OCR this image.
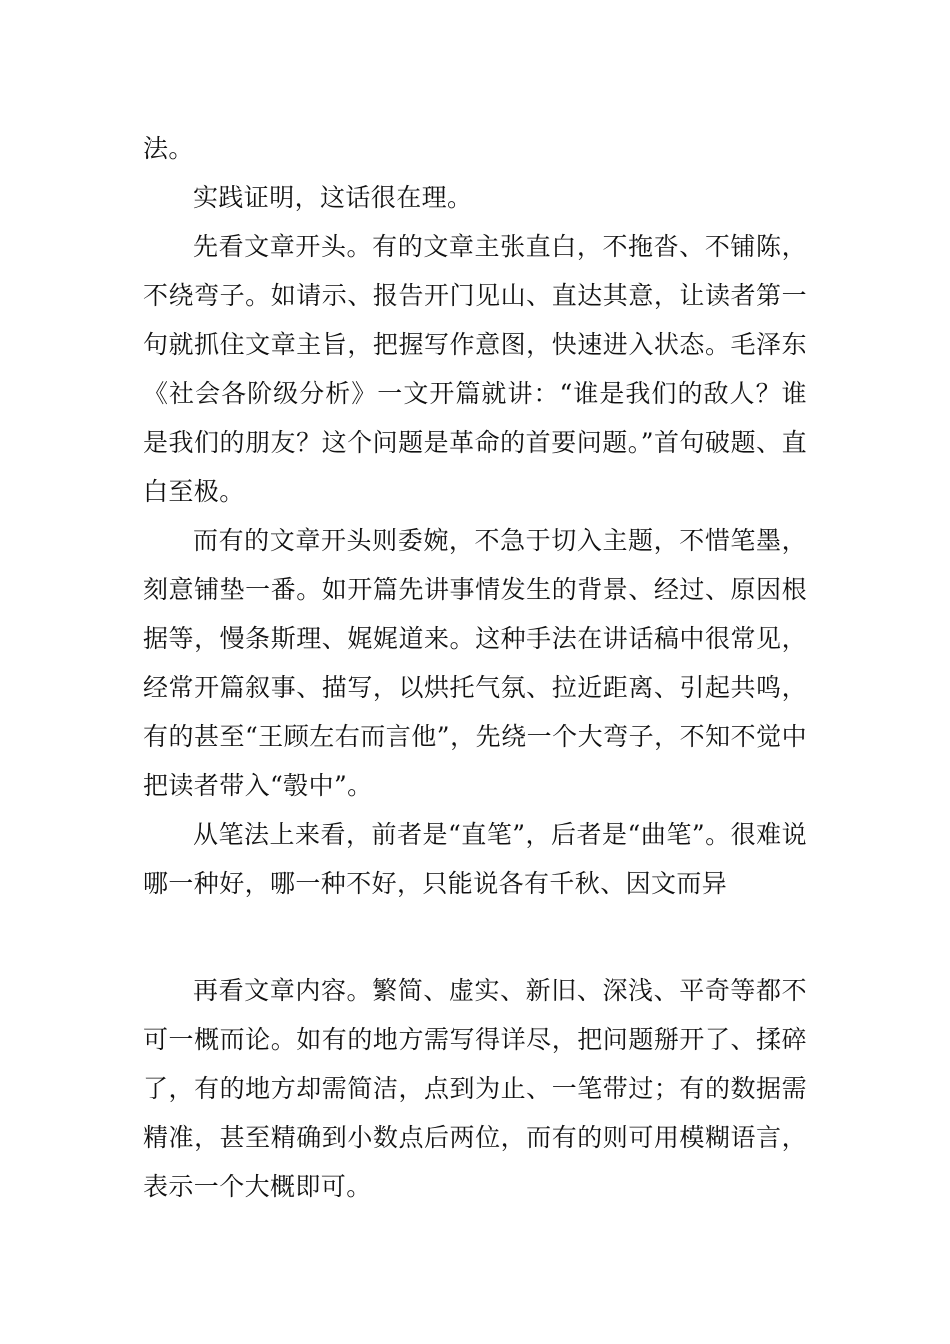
法。

实践证明，这话很在理。

先看文章开头。有的文章主张直白，不拖沓、不铺陈，不绕弯子。如请示、报告开门见山、直达其意，让读者第一句就抓住文章主旨，把握写作意图，快速进入状态。毛泽东《社会各阶级分析》一文开篇就讲：“谁是我们的敌人？谁是我们的朋友？这个问题是革命的首要问题。”首句破题、直白至极。

而有的文章开头则委婉，不急于切入主题，不惜笔墨，刻意铺垫一番。如开篇先讲事情发生的背景、经过、原因根据等，慢条斯理、娓娓道来。这种手法在讲话稿中很常见，经常开篇叙事、描写，以烘托气氛、拉近距离、引起共鸣，有的甚至“王顾左右而言他”，先绕一个大弯子，不知不觉中把读者带入“彀中”。

从笔法上来看，前者是“直笔”，后者是“曲笔”。很难说哪一种好，哪一种不好，只能说各有千秋、因文而异

再看文章内容。繁简、虚实、新旧、深浅、平奇等都不可一概而论。如有的地方需写得详尽，把问题掰开了、揉碎了，有的地方却需简洁，点到为止、一笔带过；有的数据需精准，甚至精确到小数点后两位，而有的则可用模糊语言，表示一个大概即可。
